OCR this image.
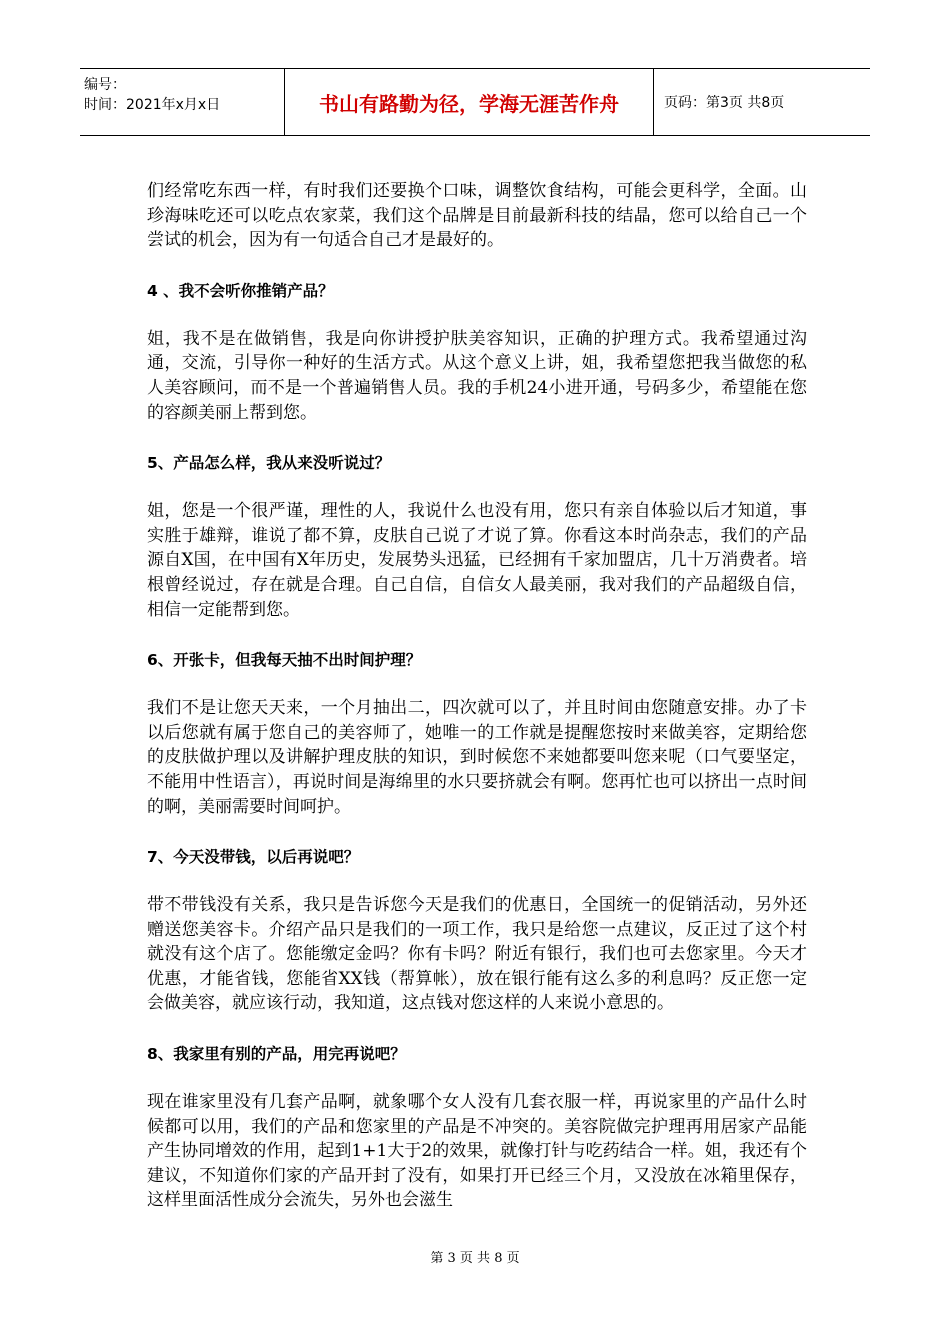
编号：
时间：2021年x月x日	书山有路勤为径，学海无涯苦作舟	页码：第3页 共8页

们经常吃东西一样，有时我们还要换个口味，调整饮食结构，可能会更科学，全面。山珍海味吃还可以吃点农家菜，我们这个品牌是目前最新科技的结晶，您可以给自己一个尝试的机会，因为有一句适合自己才是最好的。

4 、我不会听你推销产品？

姐，我不是在做销售，我是向你讲授护肤美容知识，正确的护理方式。我希望通过沟通，交流，引导你一种好的生活方式。从这个意义上讲，姐，我希望您把我当做您的私人美容顾问，而不是一个普遍销售人员。我的手机24小进开通，号码多少，希望能在您的容颜美丽上帮到您。

5、产品怎么样，我从来没听说过？

姐，您是一个很严谨，理性的人，我说什么也没有用，您只有亲自体验以后才知道，事实胜于雄辩，谁说了都不算，皮肤自己说了才说了算。你看这本时尚杂志，我们的产品源自X国，在中国有X年历史，发展势头迅猛，已经拥有千家加盟店，几十万消费者。培根曾经说过，存在就是合理。自己自信，自信女人最美丽，我对我们的产品超级自信，相信一定能帮到您。

6、开张卡，但我每天抽不出时间护理？

我们不是让您天天来，一个月抽出二，四次就可以了，并且时间由您随意安排。办了卡以后您就有属于您自己的美容师了，她唯一的工作就是提醒您按时来做美容，定期给您的皮肤做护理以及讲解护理皮肤的知识，到时候您不来她都要叫您来呢（口气要坚定，不能用中性语言），再说时间是海绵里的水只要挤就会有啊。您再忙也可以挤出一点时间的啊，美丽需要时间呵护。

7、今天没带钱，以后再说吧？

带不带钱没有关系，我只是告诉您今天是我们的优惠日，全国统一的促销活动，另外还赠送您美容卡。介绍产品只是我们的一项工作，我只是给您一点建议，反正过了这个村就没有这个店了。您能缴定金吗？你有卡吗？附近有银行，我们也可去您家里。今天才优惠，才能省钱，您能省XX钱（帮算帐），放在银行能有这么多的利息吗？反正您一定会做美容，就应该行动，我知道，这点钱对您这样的人来说小意思的。

8、我家里有别的产品，用完再说吧？

现在谁家里没有几套产品啊，就象哪个女人没有几套衣服一样，再说家里的产品什么时候都可以用，我们的产品和您家里的产品是不冲突的。美容院做完护理再用居家产品能产生协同增效的作用，起到1+1大于2的效果，就像打针与吃药结合一样。姐，我还有个建议，不知道你们家的产品开封了没有，如果打开已经三个月，又没放在冰箱里保存，这样里面活性成分会流失，另外也会滋生

第 3 页 共 8 页
